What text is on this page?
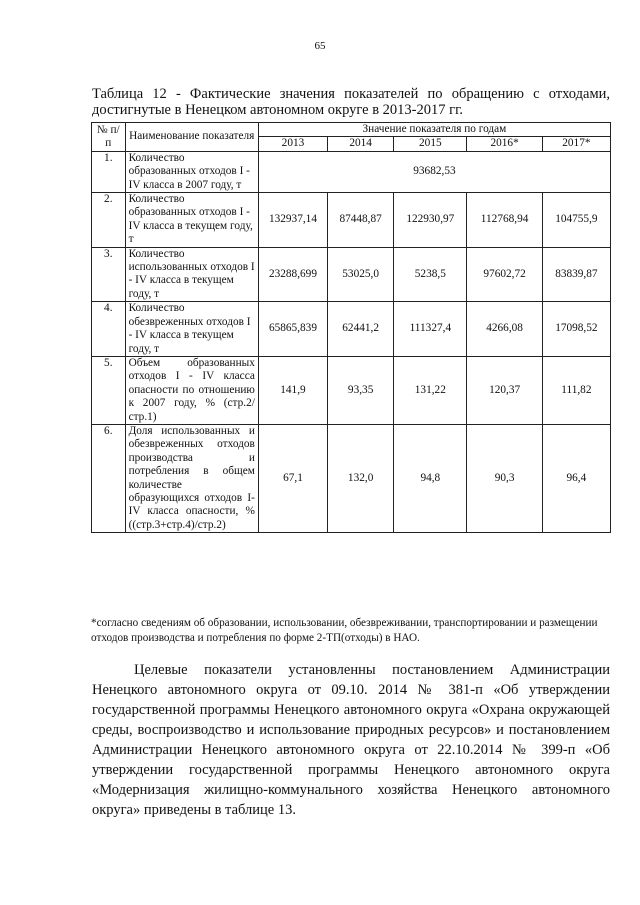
65
Таблица 12 - Фактические значения показателей по обращению с отходами, достигнутые в Ненецком автономном округе в 2013-2017 гг.
№ п/п	Наименование показателя	Значение показателя по годам				
		2013	2014	2015	2016*	2017*
1.	Количество образованных отходов I - IV класса в 2007 году, т	93682,53				
2.	Количество образованных отходов I - IV класса в текущем году, т	132937,14	87448,87	122930,97	112768,94	104755,9
3.	Количество использованных отходов I - IV класса в текущем году, т	23288,699	53025,0	5238,5	97602,72	83839,87
4.	Количество обезвреженных отходов I - IV класса в текущем году, т	65865,839	62441,2	111327,4	4266,08	17098,52
5.	Объем образованных отходов I - IV класса опасности по отношению к 2007 году, % (стр.2/стр.1)	141,9	93,35	131,22	120,37	111,82
6.	Доля использованных и обезвреженных отходов производства и потребления в общем количестве образующихся отходов I-IV класса опасности, % ((стр.3+стр.4)/стр.2)	67,1	132,0	94,8	90,3	96,4
*согласно сведениям об образовании, использовании, обезвреживании, транспортировании и размещении отходов производства и потребления по форме 2-ТП(отходы) в НАО.
Целевые показатели установленны постановлением Администрации Ненецкого автономного округа от 09.10. 2014 № 381-п «Об утверждении государственной программы Ненецкого автономного округа «Охрана окружающей среды, воспроизводство и использование природных ресурсов» и постановлением Администрации Ненецкого автономного округа от 22.10.2014 № 399-п «Об утверждении государственной программы Ненецкого автономного округа «Модернизация жилищно-коммунального хозяйства Ненецкого автономного округа» приведены в таблице 13.
